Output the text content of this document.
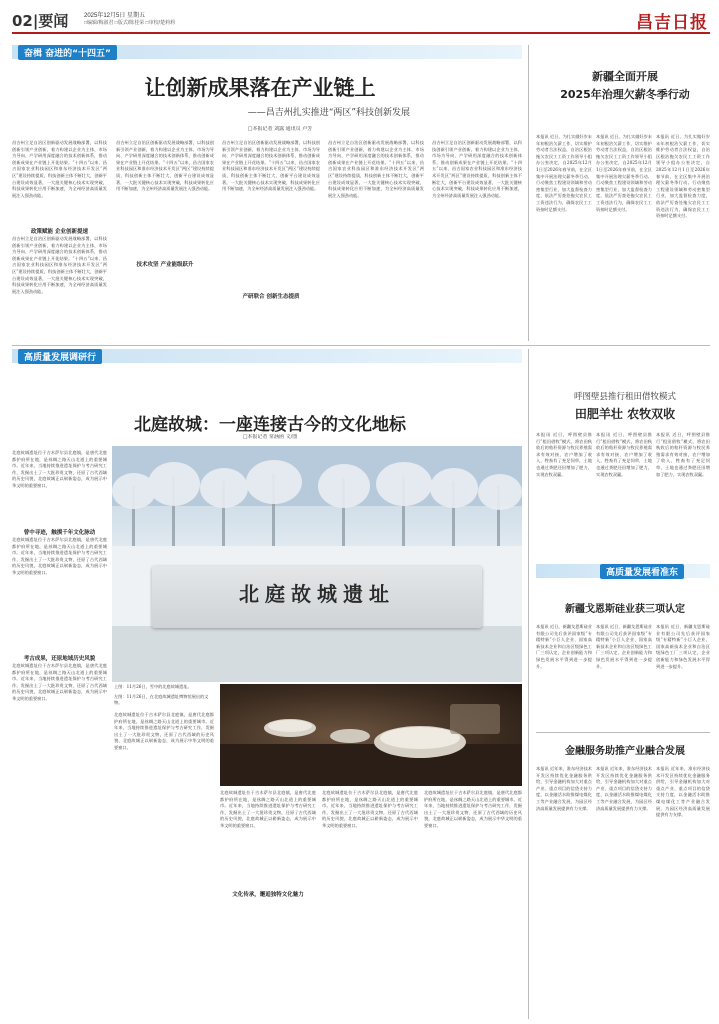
02|要闻	2025年12月5日 星期五
□编辑/梅淑君 □版式/陈桂荣 □审校/楚莉莉	昌吉日报
奋楫 奋进的“十四五”
让创新成果落在产业链上
——昌吉州扎实推进“两区”科技创新发展
□本报记者 刘露 通讯员 卢芳
昌吉州立足自治区创新驱动发展战略部署，以科技创新引领产业创新，着力构建以企业为主体、市场为导向、产学研用深度融合的技术创新体系，推动创新成果在产业链上开花结果。“十四五”以来，昌吉国家农业科技园区和准东经济技术开发区“两区”建设持续提质，科技创新主体不断壮大，创新平台建设成效显著，一大批关键核心技术实现突破，科技成果转化应用不断加速，为全州经济高质量发展注入强劲动能。
政策赋能 企业创新提速
昌吉州立足自治区创新驱动发展战略部署，以科技创新引领产业创新，着力构建以企业为主体、市场为导向、产学研用深度融合的技术创新体系，推动创新成果在产业链上开花结果。“十四五”以来，昌吉国家农业科技园区和准东经济技术开发区“两区”建设持续提质，科技创新主体不断壮大，创新平台建设成效显著，一大批关键核心技术实现突破，科技成果转化应用不断加速，为全州经济高质量发展注入强劲动能。
昌吉州立足自治区创新驱动发展战略部署，以科技创新引领产业创新，着力构建以企业为主体、市场为导向、产学研用深度融合的技术创新体系，推动创新成果在产业链上开花结果。“十四五”以来，昌吉国家农业科技园区和准东经济技术开发区“两区”建设持续提质，科技创新主体不断壮大，创新平台建设成效显著，一大批关键核心技术实现突破，科技成果转化应用不断加速，为全州经济高质量发展注入强劲动能。
昌吉州立足自治区创新驱动发展战略部署，以科技创新引领产业创新，着力构建以企业为主体、市场为导向、产学研用深度融合的技术创新体系，推动创新成果在产业链上开花结果。“十四五”以来，昌吉国家农业科技园区和准东经济技术开发区“两区”建设持续提质，科技创新主体不断壮大，创新平台建设成效显著，一大批关键核心技术实现突破，科技成果转化应用不断加速，为全州经济高质量发展注入强劲动能。
技术攻坚 产业能级跃升
昌吉州立足自治区创新驱动发展战略部署，以科技创新引领产业创新，着力构建以企业为主体、市场为导向、产学研用深度融合的技术创新体系，推动创新成果在产业链上开花结果。“十四五”以来，昌吉国家农业科技园区和准东经济技术开发区“两区”建设持续提质，科技创新主体不断壮大，创新平台建设成效显著，一大批关键核心技术实现突破，科技成果转化应用不断加速，为全州经济高质量发展注入强劲动能。
产研联合 创新生态提质
昌吉州立足自治区创新驱动发展战略部署，以科技创新引领产业创新，着力构建以企业为主体、市场为导向、产学研用深度融合的技术创新体系，推动创新成果在产业链上开花结果。“十四五”以来，昌吉国家农业科技园区和准东经济技术开发区“两区”建设持续提质，科技创新主体不断壮大，创新平台建设成效显著，一大批关键核心技术实现突破，科技成果转化应用不断加速，为全州经济高质量发展注入强劲动能。
新疆全面开展
2025年治理欠薪冬季行动
本报讯 近日，为扎实做好岁末年初根治欠薪工作，切实维护劳动者合法权益，自治区根治拖欠农民工工资工作领导小组办公室决定，自2025年12月1日至2026年春节前，在全区集中开展治理欠薪冬季行动。行动聚焦工程建设领域和劳动密集型行业，加大监督检查力度，依法严厉查处拖欠农民工工资违法行为，确保农民工工资按时足额支付。
本报讯 近日，为扎实做好岁末年初根治欠薪工作，切实维护劳动者合法权益，自治区根治拖欠农民工工资工作领导小组办公室决定，自2025年12月1日至2026年春节前，在全区集中开展治理欠薪冬季行动。行动聚焦工程建设领域和劳动密集型行业，加大监督检查力度，依法严厉查处拖欠农民工工资违法行为，确保农民工工资按时足额支付。
本报讯 近日，为扎实做好岁末年初根治欠薪工作，切实维护劳动者合法权益，自治区根治拖欠农民工工资工作领导小组办公室决定，自2025年12月1日至2026年春节前，在全区集中开展治理欠薪冬季行动。行动聚焦工程建设领域和劳动密集型行业，加大监督检查力度，依法严厉查处拖欠农民工工资违法行为，确保农民工工资按时足额支付。
高质量发展调研行
北庭故城：一座连接古今的文化地标
□本报记者 常涵函 文/图
北庭故城遗址位于吉木萨尔县北庭镇，是唐代北庭都护府所在地，是丝绸之路天山北道上的重要城市。近年来，当地持续推进遗址保护与考古研究工作，发掘出土了一大批珍贵文物，还原了古代西域的历史风貌，北庭故城正以崭新姿态，成为展示中华文明的重要窗口。
曾中寻迹，触摸千年文化脉动
北庭故城遗址位于吉木萨尔县北庭镇，是唐代北庭都护府所在地，是丝绸之路天山北道上的重要城市。近年来，当地持续推进遗址保护与考古研究工作，发掘出土了一大批珍贵文物，还原了古代西域的历史风貌，北庭故城正以崭新姿态，成为展示中华文明的重要窗口。
考古成果，还原地域历史风貌
北庭故城遗址位于吉木萨尔县北庭镇，是唐代北庭都护府所在地，是丝绸之路天山北道上的重要城市。近年来，当地持续推进遗址保护与考古研究工作，发掘出土了一大批珍贵文物，还原了古代西域的历史风貌，北庭故城正以崭新姿态，成为展示中华文明的重要窗口。
北庭故城遗址
上图：11月26日，雪中的北庭故城遗址。
左图：11月26日，在北庭故城遗址博物馆展出的文物。
北庭故城遗址位于吉木萨尔县北庭镇，是唐代北庭都护府所在地，是丝绸之路天山北道上的重要城市。近年来，当地持续推进遗址保护与考古研究工作，发掘出土了一大批珍贵文物，还原了古代西域的历史风貌，北庭故城正以崭新姿态，成为展示中华文明的重要窗口。
北庭故城遗址位于吉木萨尔县北庭镇，是唐代北庭都护府所在地，是丝绸之路天山北道上的重要城市。近年来，当地持续推进遗址保护与考古研究工作，发掘出土了一大批珍贵文物，还原了古代西域的历史风貌，北庭故城正以崭新姿态，成为展示中华文明的重要窗口。
文化传承，邂逅独特文化魅力
北庭故城遗址位于吉木萨尔县北庭镇，是唐代北庭都护府所在地，是丝绸之路天山北道上的重要城市。近年来，当地持续推进遗址保护与考古研究工作，发掘出土了一大批珍贵文物，还原了古代西域的历史风貌，北庭故城正以崭新姿态，成为展示中华文明的重要窗口。
北庭故城遗址位于吉木萨尔县北庭镇，是唐代北庭都护府所在地，是丝绸之路天山北道上的重要城市。近年来，当地持续推进遗址保护与考古研究工作，发掘出土了一大批珍贵文物，还原了古代西域的历史风貌，北庭故城正以崭新姿态，成为展示中华文明的重要窗口。
呼图壁县推行租田借牧模式
田肥羊壮 农牧双收
本报讯 近日，呼图壁县推行“租田借牧”模式，将农田秋收后的秸秆资源与牧民养殖需求有效对接，农户增加了收入，牲畜有了充足饲草，土地也通过粪肥还田增加了肥力，实现农牧双赢。
本报讯 近日，呼图壁县推行“租田借牧”模式，将农田秋收后的秸秆资源与牧民养殖需求有效对接，农户增加了收入，牲畜有了充足饲草，土地也通过粪肥还田增加了肥力，实现农牧双赢。
本报讯 近日，呼图壁县推行“租田借牧”模式，将农田秋收后的秸秆资源与牧民养殖需求有效对接，农户增加了收入，牲畜有了充足饲草，土地也通过粪肥还田增加了肥力，实现农牧双赢。
高质量发展看准东
新疆戈恩斯硅业获三项认定
本报讯 近日，新疆戈恩斯硅业有限公司先后获评国家级“专精特新”小巨人企业、国家高新技术企业和自治区级绿色工厂三项认定，企业创新能力和绿色发展水平得到进一步提升。
本报讯 近日，新疆戈恩斯硅业有限公司先后获评国家级“专精特新”小巨人企业、国家高新技术企业和自治区级绿色工厂三项认定，企业创新能力和绿色发展水平得到进一步提升。
本报讯 近日，新疆戈恩斯硅业有限公司先后获评国家级“专精特新”小巨人企业、国家高新技术企业和自治区级绿色工厂三项认定，企业创新能力和绿色发展水平得到进一步提升。
金融服务助推产业融合发展
本报讯 近年来，准东经济技术开发区持续优化金融服务供给，引导金融机构加大对重点产业、重点项目的信贷支持力度，以金融活水助推煤电煤化工等产业融合发展，为园区经济高质量发展提供有力支撑。
本报讯 近年来，准东经济技术开发区持续优化金融服务供给，引导金融机构加大对重点产业、重点项目的信贷支持力度，以金融活水助推煤电煤化工等产业融合发展，为园区经济高质量发展提供有力支撑。
本报讯 近年来，准东经济技术开发区持续优化金融服务供给，引导金融机构加大对重点产业、重点项目的信贷支持力度，以金融活水助推煤电煤化工等产业融合发展，为园区经济高质量发展提供有力支撑。
